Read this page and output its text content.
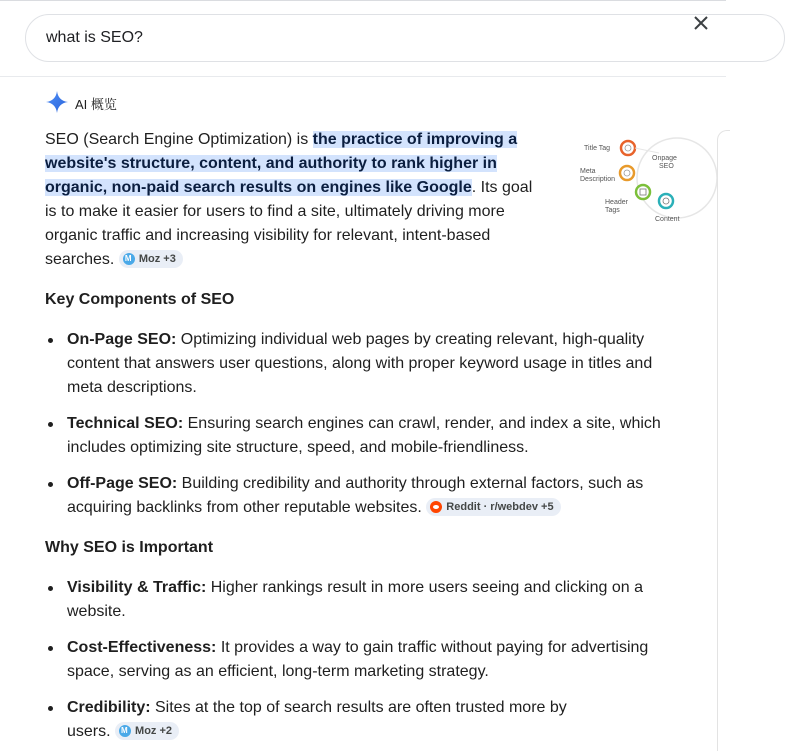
what is SEO?
AI 概览
SEO (Search Engine Optimization) is the practice of improving a website's structure, content, and authority to rank higher in organic, non-paid search results on engines like Google. Its goal is to make it easier for users to find a site, ultimately driving more organic traffic and increasing visibility for relevant, intent-based searches. M Moz +3
Title Tag
Meta
Description
Header
Tags
Onpage
SEO
Content
Key Components of SEO
On-Page SEO: Optimizing individual web pages by creating relevant, high-quality content that answers user questions, along with proper keyword usage in titles and meta descriptions.
Technical SEO: Ensuring search engines can crawl, render, and index a site, which includes optimizing site structure, speed, and mobile-friendliness.
Off-Page SEO: Building credibility and authority through external factors, such as acquiring backlinks from other reputable websites. Reddit · r/webdev +5
Why SEO is Important
Visibility & Traffic: Higher rankings result in more users seeing and clicking on a website.
Cost-Effectiveness: It provides a way to gain traffic without paying for advertising space, serving as an efficient, long-term marketing strategy.
Credibility: Sites at the top of search results are often trusted more by users. M Moz +2
